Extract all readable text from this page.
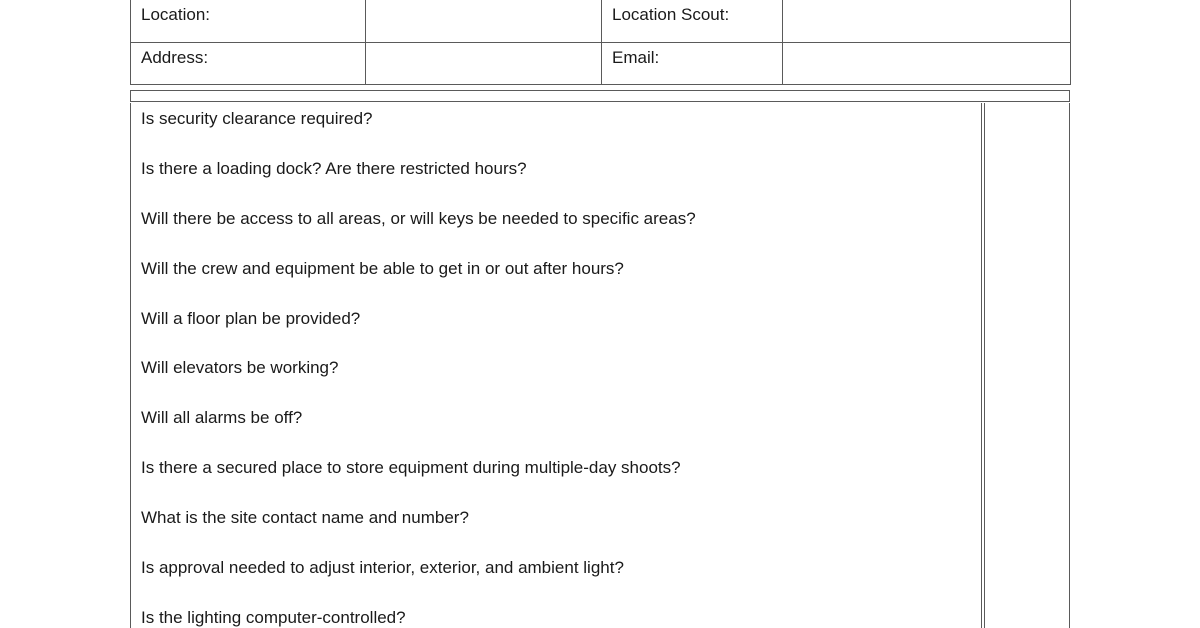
Location:		Location Scout:	
Address:		Email:	
Is security clearance required?
Is there a loading dock? Are there restricted hours?
Will there be access to all areas, or will keys be needed to specific areas?
Will the crew and equipment be able to get in or out after hours?
Will a floor plan be provided?
Will elevators be working?
Will all alarms be off?
Is there a secured place to store equipment during multiple-day shoots?
What is the site contact name and number?
Is approval needed to adjust interior, exterior, and ambient light?
Is the lighting computer-controlled?
